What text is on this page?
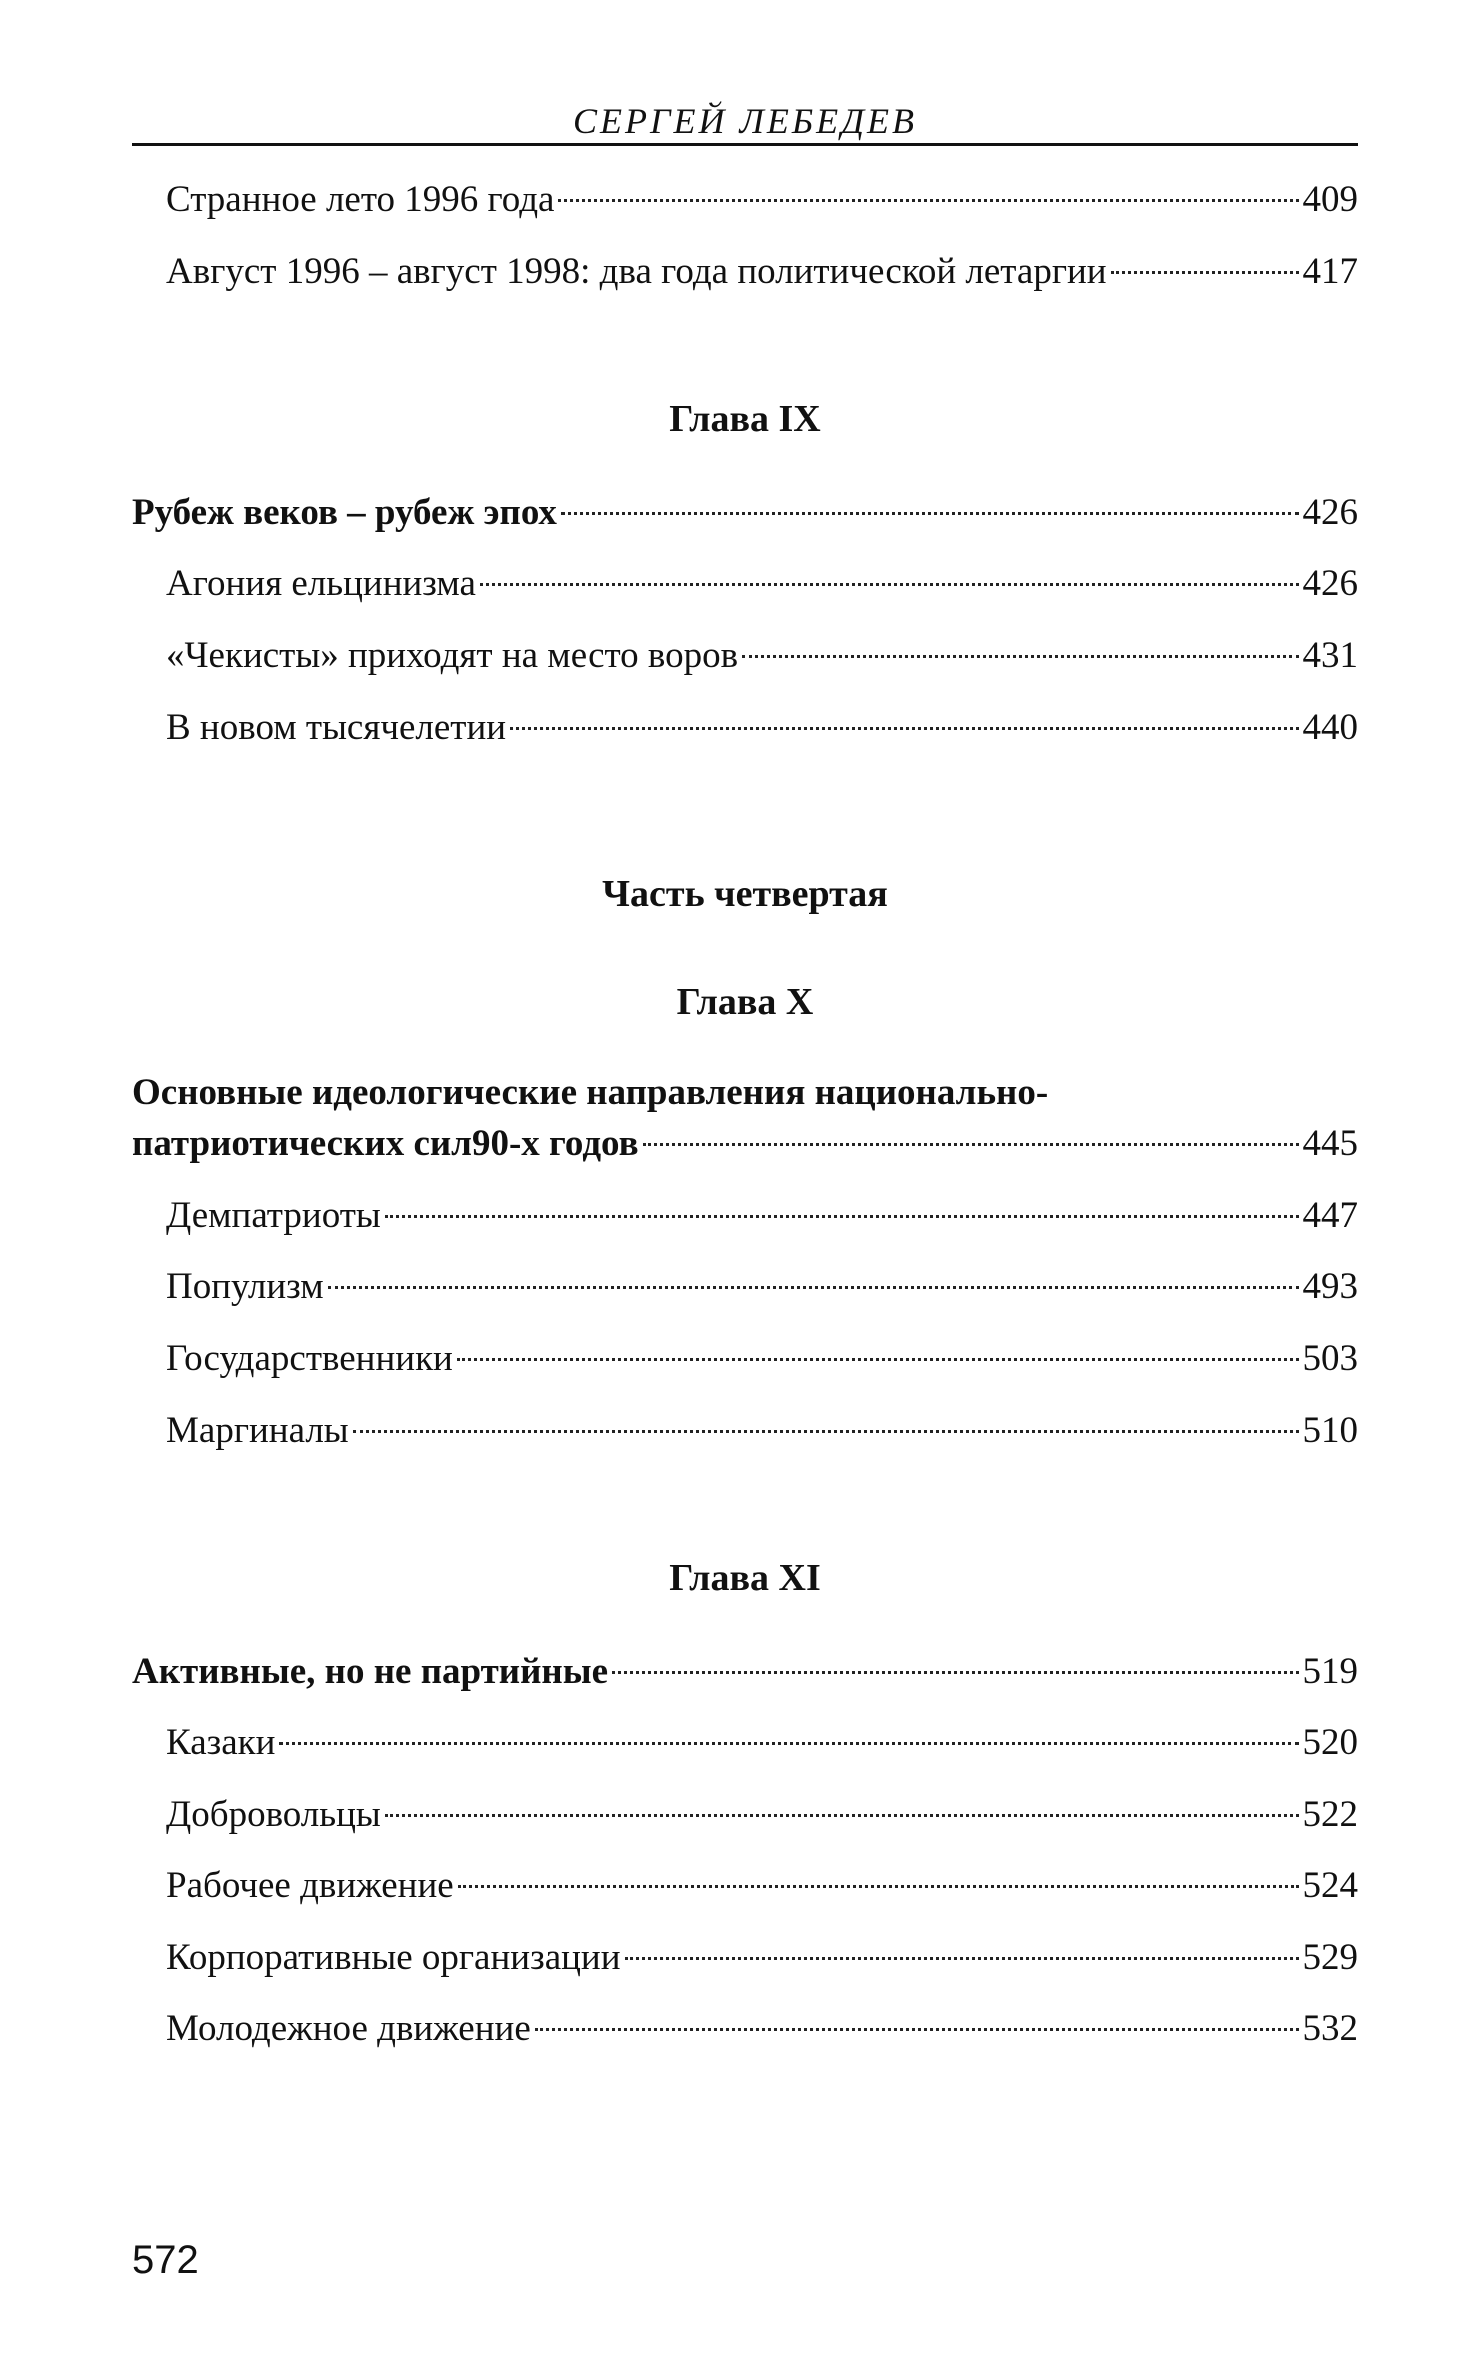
СЕРГЕЙ ЛЕБЕДЕВ
Странное лето 1996 года	409
Август 1996 – август 1998: два года политической летаргии	417
Глава IX
Рубеж веков – рубеж эпох	426
Агония ельцинизма	426
«Чекисты» приходят на место воров	431
В новом тысячелетии	440
Часть четвертая
Глава X
Основные идеологические направления национально-
патриотических сил90-х годов	445
Демпатриоты	447
Популизм	493
Государственники	503
Маргиналы	510
Глава XI
Активные, но не партийные	519
Казаки	520
Добровольцы	522
Рабочее движение	524
Корпоративные организации	529
Молодежное движение	532
572
